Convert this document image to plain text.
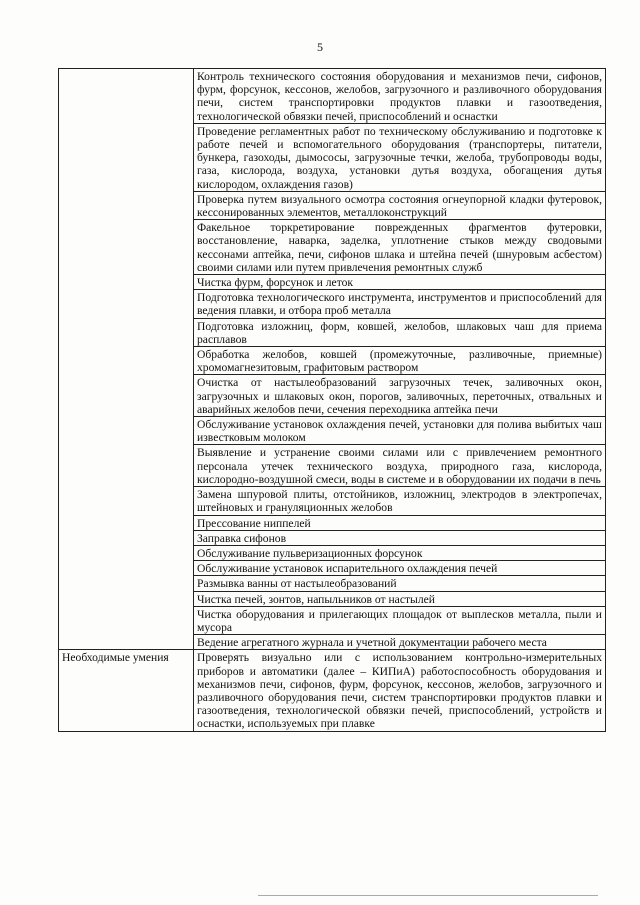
5
	Контроль технического состояния оборудования и механизмов печи, сифонов, фурм, форсунок, кессонов, желобов, загрузочного и разливочного оборудования печи, систем транспортировки продуктов плавки и газоотведения, технологической обвязки печей, приспособлений и оснастки
	Проведение регламентных работ по техническому обслуживанию и подготовке к работе печей и вспомогательного оборудования (транспортеры, питатели, бункера, газоходы, дымососы, загрузочные течки, желоба, трубопроводы воды, газа, кислорода, воздуха, установки дутья воздуха, обогащения дутья кислородом, охлаждения газов)
	Проверка путем визуального осмотра состояния огнеупорной кладки футеровок, кессонированных элементов, металлоконструкций
	Факельное торкретирование поврежденных фрагментов футеровки, восстановление, наварка, заделка, уплотнение стыков между сводовыми кессонами аптейка, печи, сифонов шлака и штейна печей (шнуровым асбестом) своими силами или путем привлечения ремонтных служб
	Чистка фурм, форсунок и леток
	Подготовка технологического инструмента, инструментов и приспособлений для ведения плавки, и отбора проб металла
	Подготовка изложниц, форм, ковшей, желобов, шлаковых чаш для приема расплавов
	Обработка желобов, ковшей (промежуточные, разливочные, приемные) хромомагнезитовым, графитовым раствором
	Очистка от настылеобразований загрузочных течек, заливочных окон, загрузочных и шлаковых окон, порогов, заливочных, переточных, отвальных и аварийных желобов печи, сечения переходника аптейка печи
	Обслуживание установок охлаждения печей, установки для полива выбитых чаш известковым молоком
	Выявление и устранение своими силами или с привлечением ремонтного персонала утечек технического воздуха, природного газа, кислорода, кислородно-воздушной смеси, воды в системе и в оборудовании их подачи в печь
	Замена шпуровой плиты, отстойников, изложниц, электродов в электропечах, штейновых и грануляционных желобов
	Прессование ниппелей
	Заправка сифонов
	Обслуживание пульверизационных форсунок
	Обслуживание установок испарительного охлаждения печей
	Размывка ванны от настылеобразований
	Чистка печей, зонтов, напыльников от настылей
	Чистка оборудования и прилегающих площадок от выплесков металла, пыли и мусора
	Ведение агрегатного журнала и учетной документации рабочего места
Необходимые умения	Проверять визуально или с использованием контрольно-измерительных приборов и автоматики (далее – КИПиА) работоспособность оборудования и механизмов печи, сифонов, фурм, форсунок, кессонов, желобов, загрузочного и разливочного оборудования печи, систем транспортировки продуктов плавки и газоотведения, технологической обвязки печей, приспособлений, устройств и оснастки, используемых при плавке
